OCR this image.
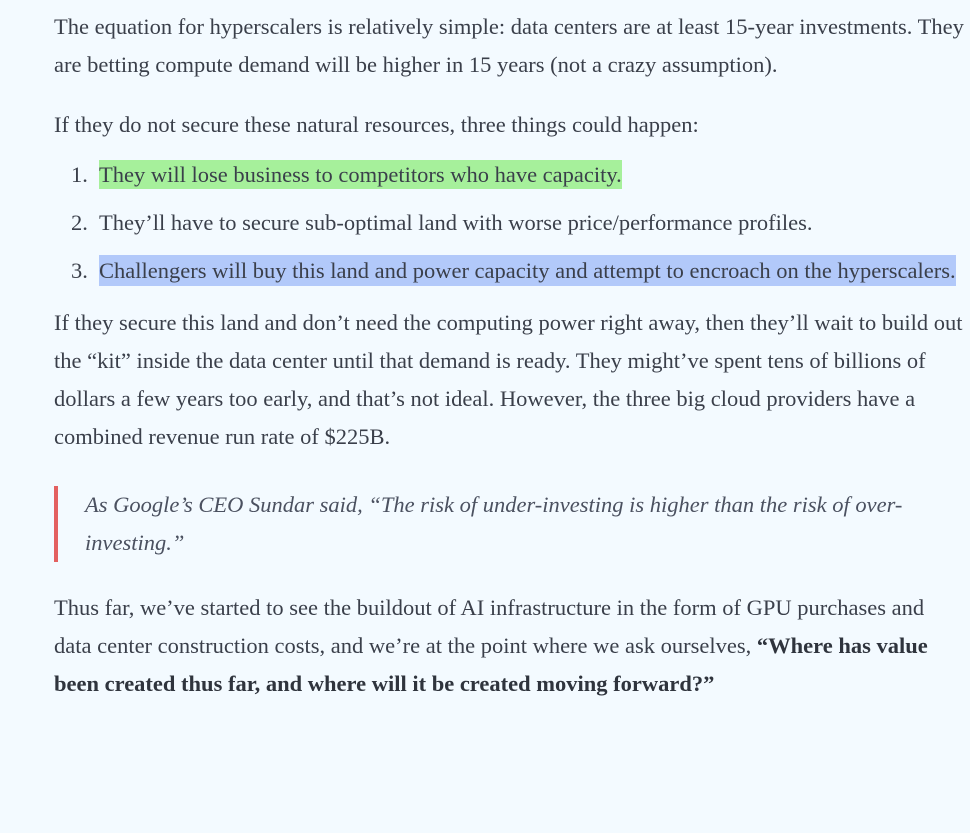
The equation for hyperscalers is relatively simple: data centers are at least 15-year investments. They are betting compute demand will be higher in 15 years (not a crazy assumption).

If they do not secure these natural resources, three things could happen:

1. They will lose business to competitors who have capacity.
2. They’ll have to secure sub-optimal land with worse price/performance profiles.
3. Challengers will buy this land and power capacity and attempt to encroach on the hyperscalers.

If they secure this land and don’t need the computing power right away, then they’ll wait to build out the “kit” inside the data center until that demand is ready. They might’ve spent tens of billions of dollars a few years too early, and that’s not ideal. However, the three big cloud providers have a combined revenue run rate of $225B.

As Google’s CEO Sundar said, “The risk of under-investing is higher than the risk of over-investing.”

Thus far, we’ve started to see the buildout of AI infrastructure in the form of GPU purchases and data center construction costs, and we’re at the point where we ask ourselves, “Where has value been created thus far, and where will it be created moving forward?”
